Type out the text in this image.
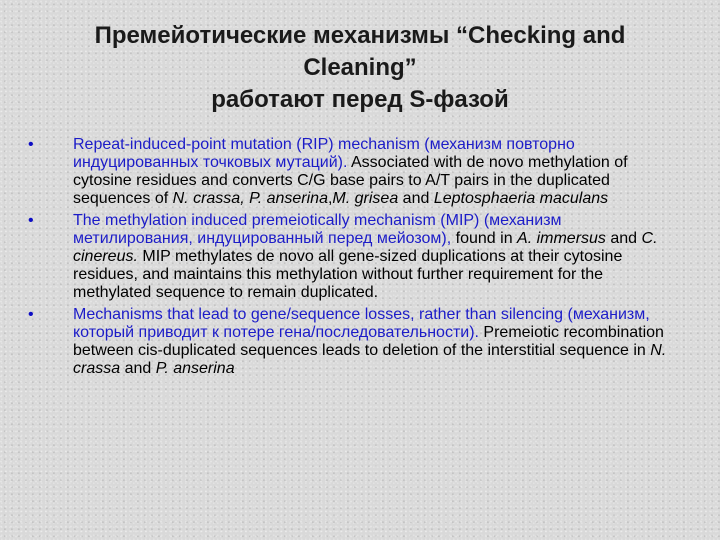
Премейотические механизмы “Checking and
Cleaning”
работают перед S-фазой
•	Repeat-induced-point mutation (RIP) mechanism (механизм повторно индуцированных точковых мутаций). Associated with de novo methylation of cytosine residues and converts C/G base pairs to A/T pairs in the duplicated sequences of N. crassa, P. anserina,M. grisea and Leptosphaeria maculans
•	The methylation induced premeiotically mechanism (MIP) (механизм метилирования, индуцированный перед мейозом), found in A. immersus and C. cinereus. MIP methylates de novo all gene-sized duplications at their cytosine residues, and maintains this methylation without further requirement for the methylated sequence to remain duplicated.
•	Mechanisms that lead to gene/sequence losses, rather than silencing (механизм, который приводит к потере гена/последовательности). Premeiotic recombination between cis-duplicated sequences leads to deletion of the interstitial sequence in N. crassa and P. anserina
